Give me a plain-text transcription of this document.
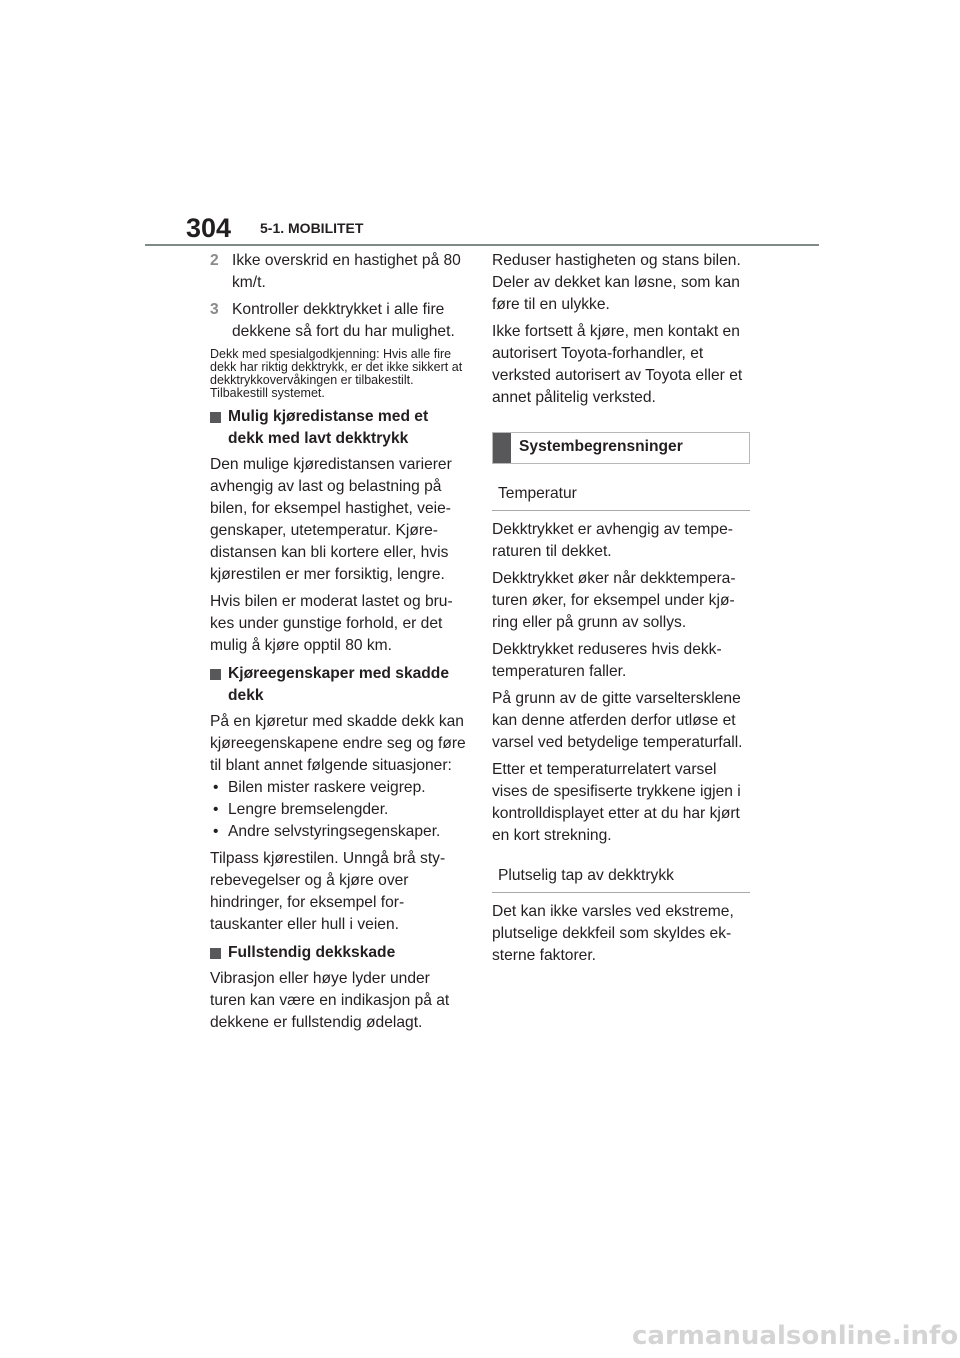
304 5-1. MOBILITET
2 Ikke overskrid en hastighet på 80 km/t.
3 Kontroller dekktrykket i alle fire dekkene så fort du har mulighet.

Dekk med spesialgodkjenning: Hvis alle fire dekk har riktig dekktrykk, er det ikke sikkert at dekktrykkovervåkingen er tilbakestilt. Tilbakestill systemet.

Mulig kjøredistanse med et dekk med lavt dekktrykk

Den mulige kjøredistansen varierer avhengig av last og belastning på bilen, for eksempel hastighet, veiegenskaper, utetemperatur. Kjøredistansen kan bli kortere eller, hvis kjørestilen er mer forsiktig, lengre.

Hvis bilen er moderat lastet og brukes under gunstige forhold, er det mulig å kjøre opptil 80 km.

Kjøreegenskaper med skadde dekk

På en kjøretur med skadde dekk kan kjøreegenskapene endre seg og føre til blant annet følgende situasjoner:

• Bilen mister raskere veigrep.
• Lengre bremselengder.
• Andre selvstyringsegenskaper.

Tilpass kjørestilen. Unngå brå styrebevegelser og å kjøre over hindringer, for eksempel fortauskanter eller hull i veien.

Fullstendig dekkskade

Vibrasjon eller høye lyder under turen kan være en indikasjon på at dekkene er fullstendig ødelagt.

Reduser hastigheten og stans bilen. Deler av dekket kan løsne, som kan føre til en ulykke.

Ikke fortsett å kjøre, men kontakt en autorisert Toyota-forhandler, et verksted autorisert av Toyota eller et annet pålitelig verksted.

Systembegrensninger
Temperatur

Dekktrykket er avhengig av temperaturen til dekket.

Dekktrykket øker når dekktemperaturen øker, for eksempel under kjøring eller på grunn av sollys.

Dekktrykket reduseres hvis dekktemperaturen faller.

På grunn av de gitte varseltersklene kan denne atferden derfor utløse et varsel ved betydelige temperaturfall.

Etter et temperaturrelatert varsel vises de spesifiserte trykkene igjen i kontrolldisplayet etter at du har kjørt en kort strekning.

Plutselig tap av dekktrykk

Det kan ikke varsles ved ekstreme, plutselige dekkfeil som skyldes eksterne faktorer.

carmanualsonline.info
